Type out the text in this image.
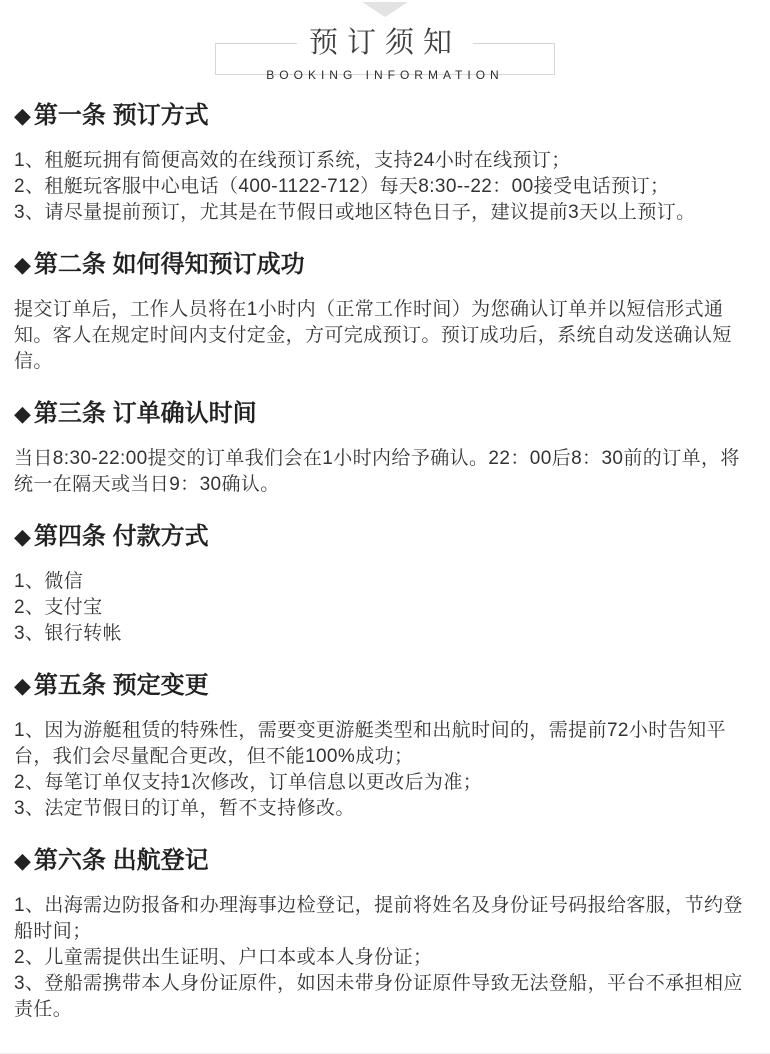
预订须知
BOOKING INFORMATION
◆ 第一条 预订方式

1、租艇玩拥有简便高效的在线预订系统，支持24小时在线预订；

2、租艇玩客服中心电话（400-1122-712）每天8:30--22：00接受电话预订；

3、请尽量提前预订，尤其是在节假日或地区特色日子，建议提前3天以上预订。

◆ 第二条 如何得知预订成功

提交订单后，工作人员将在1小时内（正常工作时间）为您确认订单并以短信形式通知。客人在规定时间内支付定金，方可完成预订。预订成功后，系统自动发送确认短信。

◆ 第三条 订单确认时间

当日8:30-22:00提交的订单我们会在1小时内给予确认。22：00后8：30前的订单，将统一在隔天或当日9：30确认。

◆ 第四条 付款方式

1、微信

2、支付宝

3、银行转帐

◆ 第五条 预定变更

1、因为游艇租赁的特殊性，需要变更游艇类型和出航时间的，需提前72小时告知平台，我们会尽量配合更改，但不能100%成功；

2、每笔订单仅支持1次修改，订单信息以更改后为准；

3、法定节假日的订单，暂不支持修改。

◆ 第六条 出航登记

1、出海需边防报备和办理海事边检登记，提前将姓名及身份证号码报给客服，节约登船时间；

2、儿童需提供出生证明、户口本或本人身份证；

3、登船需携带本人身份证原件，如因未带身份证原件导致无法登船，平台不承担相应责任。
